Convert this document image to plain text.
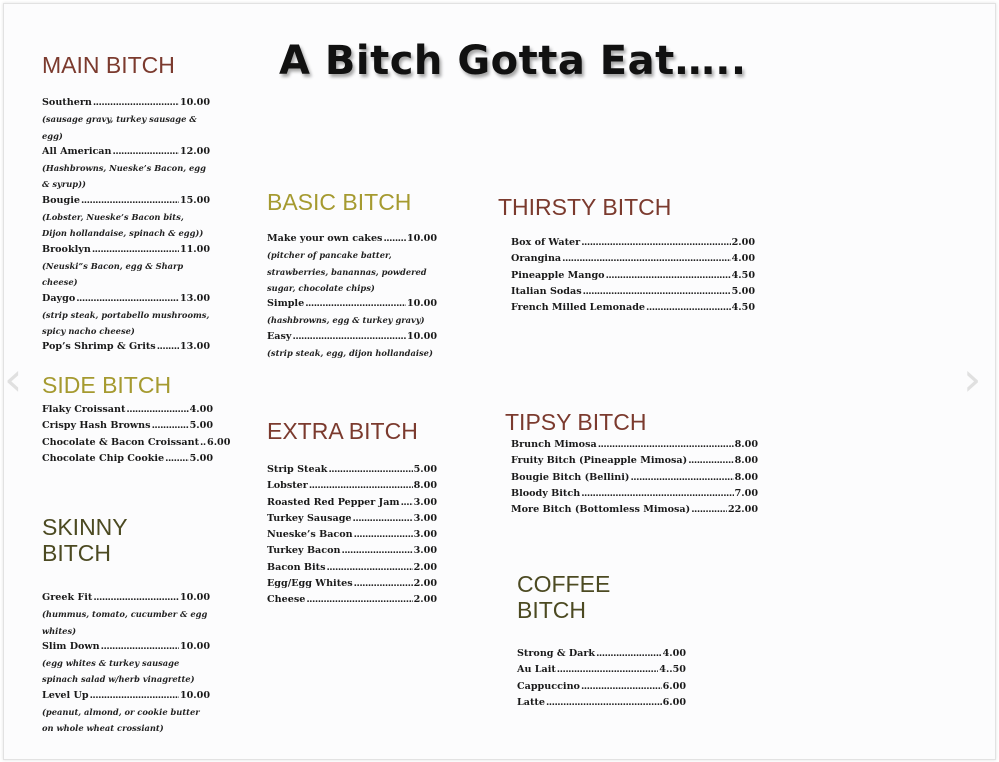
A Bitch Gotta Eat…..
MAIN BITCH
Southern .....	10.00
(sausage gravy, turkey sausage & egg)
All American .....	12.00
(Hashbrowns, Nueske’s Bacon, egg & syrup))
Bougie .....	15.00
(Lobster, Nueske’s Bacon bits, Dijon hollandaise, spinach & egg))
Brooklyn .....	11.00
(Neuski”s Bacon, egg & Sharp cheese)
Daygo .....	13.00
(strip steak, portabello mushrooms, spicy nacho cheese)
Pop’s Shrimp & Grits .....	13.00
SIDE BITCH
Flaky Croissant .....	4.00
Crispy Hash Browns .....	5.00
Chocolate & Bacon Croissant ..... 6.00
Chocolate Chip Cookie .....	5.00
SKINNY
BITCH
Greek Fit .....	10.00
(hummus, tomato, cucumber & egg whites)
Slim Down .....	10.00
(egg whites & turkey sausage spinach salad w/herb vinagrette)
Level Up .....	10.00
(peanut, almond, or cookie butter on whole wheat crossiant)
BASIC BITCH
Make your own cakes .....	10.00
(pitcher of pancake batter, strawberries, banannas, powdered sugar, chocolate chips)
Simple .....	10.00
(hashbrowns, egg & turkey gravy)
Easy .....	10.00
(strip steak, egg, dijon hollandaise)
EXTRA BITCH
Strip Steak .....	5.00
Lobster .....	8.00
Roasted Red Pepper Jam ..... 3.00
Turkey Sausage .....	3.00
Nueske’s Bacon .....	3.00
Turkey Bacon .....	3.00
Bacon Bits .....	2.00
Egg/Egg Whites .....	2.00
Cheese .....	2.00
THIRSTY BITCH
Box of Water .....	2.00
Orangina .....	4.00
Pineapple Mango .....	4.50
Italian Sodas .....	5.00
French Milled Lemonade .....	4.50
TIPSY BITCH
Brunch Mimosa .....	8.00
Fruity Bitch (Pineapple Mimosa) .....	8.00
Bougie Bitch (Bellini) .....	8.00
Bloody Bitch .....	7.00
More Bitch (Bottomless Mimosa) .....	22.00
COFFEE
BITCH
Strong & Dark .....	4.00
Au Lait .....	4..50
Cappuccino .....	6.00
Latte .....	6.00
‹	›
